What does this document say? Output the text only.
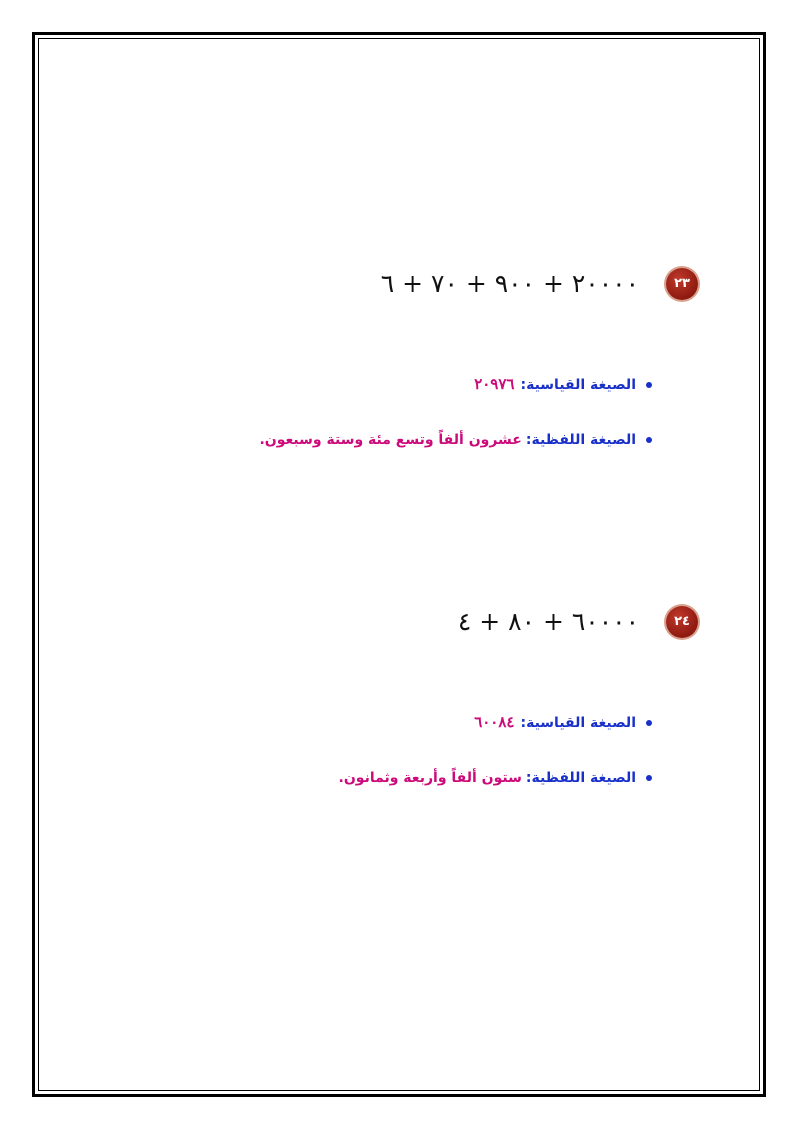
٢٣
٢٠٠٠٠ + ٩٠٠ + ٧٠ + ٦
الصيغة القياسية:٢٠٩٧٦
الصيغة اللفظية:عشرون ألفاً وتسع مئة وستة وسبعون.
٢٤
٦٠٠٠٠ + ٨٠ + ٤
الصيغة القياسية:٦٠٠٨٤
الصيغة اللفظية:ستون ألفاً وأربعة وثمانون.
